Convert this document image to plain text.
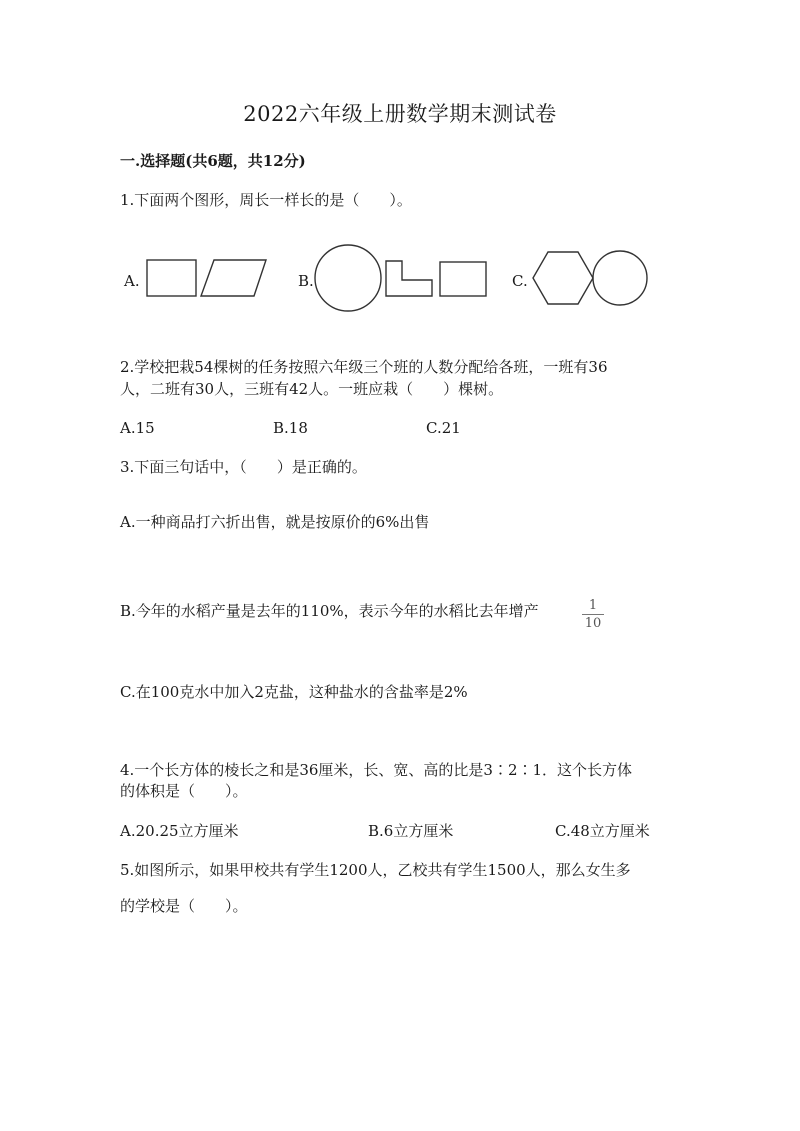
2022六年级上册数学期末测试卷
一.选择题(共6题，共12分)
1.下面两个图形，周长一样长的是（　　）。
A.	B.	C.
2.学校把栽54棵树的任务按照六年级三个班的人数分配给各班，一班有36
人，二班有30人，三班有42人。一班应栽（　　）棵树。
A.15	B.18	C.21
3.下面三句话中，（　　）是正确的。
A.一种商品打六折出售，就是按原价的6%出售
B.今年的水稻产量是去年的110%，表示今年的水稻比去年增产	1
10
C.在100克水中加入2克盐，这种盐水的含盐率是2%
4.一个长方体的棱长之和是36厘米，长、宽、高的比是3∶2∶1．这个长方体
的体积是（　　）。
A.20.25立方厘米	B.6立方厘米	C.48立方厘米
5.如图所示，如果甲校共有学生1200人，乙校共有学生1500人，那么女生多
的学校是（　　）。
